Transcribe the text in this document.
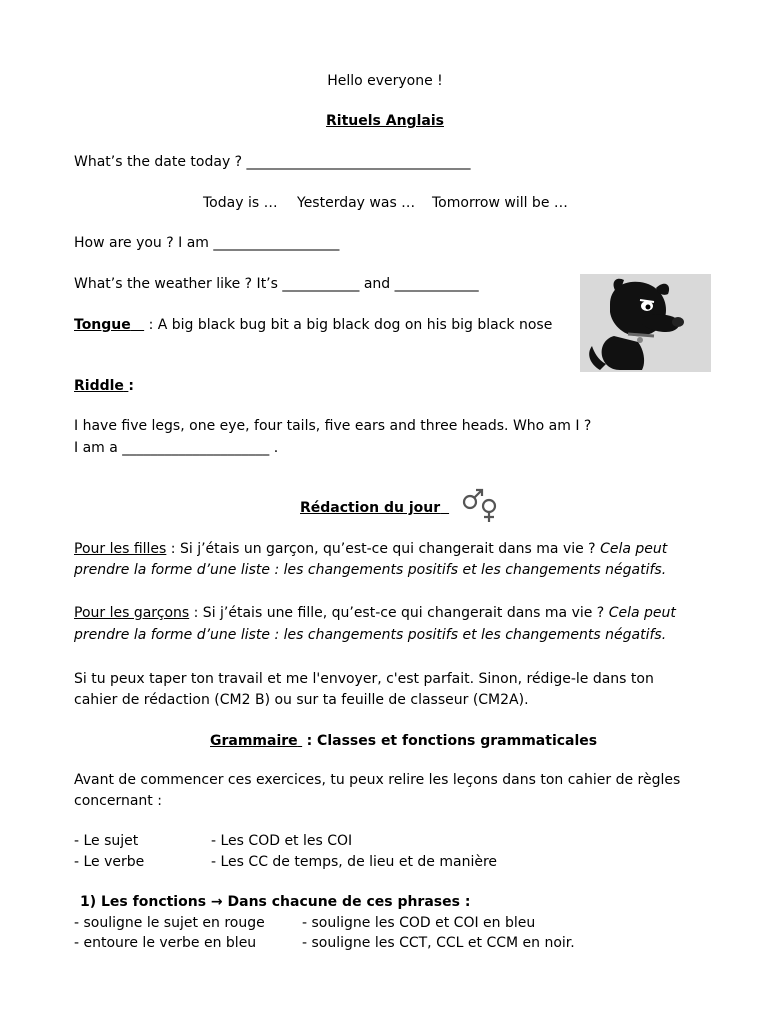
Hello everyone !
Rituels Anglais
What’s the date today ? ________________________________
Today is … Yesterday was … Tomorrow will be …
How are you ? I am __________________
What’s the weather like ? It’s ___________ and ____________
Tongue : A big black bug bit a big black dog on his big black nose
Riddle :
I have five legs, one eye, four tails, five ears and three heads. Who am I ?
I am a _____________________ .
Rédaction du jour
Pour les filles : Si j’étais un garçon, qu’est-ce qui changerait dans ma vie ? Cela peut
prendre la forme d’une liste : les changements positifs et les changements négatifs.
Pour les garçons : Si j’étais une fille, qu’est-ce qui changerait dans ma vie ? Cela peut
prendre la forme d’une liste : les changements positifs et les changements négatifs.
Si tu peux taper ton travail et me l'envoyer, c'est parfait. Sinon, rédige-le dans ton
cahier de rédaction (CM2 B) ou sur ta feuille de classeur (CM2A).
Grammaire : Classes et fonctions grammaticales
Avant de commencer ces exercices, tu peux relire les leçons dans ton cahier de règles
concernant :
- Le sujet	- Les COD et les COI
- Le verbe	- Les CC de temps, de lieu et de manière
1) Les fonctions → Dans chacune de ces phrases :
- souligne le sujet en rouge	- souligne les COD et COI en bleu
- entoure le verbe en bleu	- souligne les CCT, CCL et CCM en noir.
